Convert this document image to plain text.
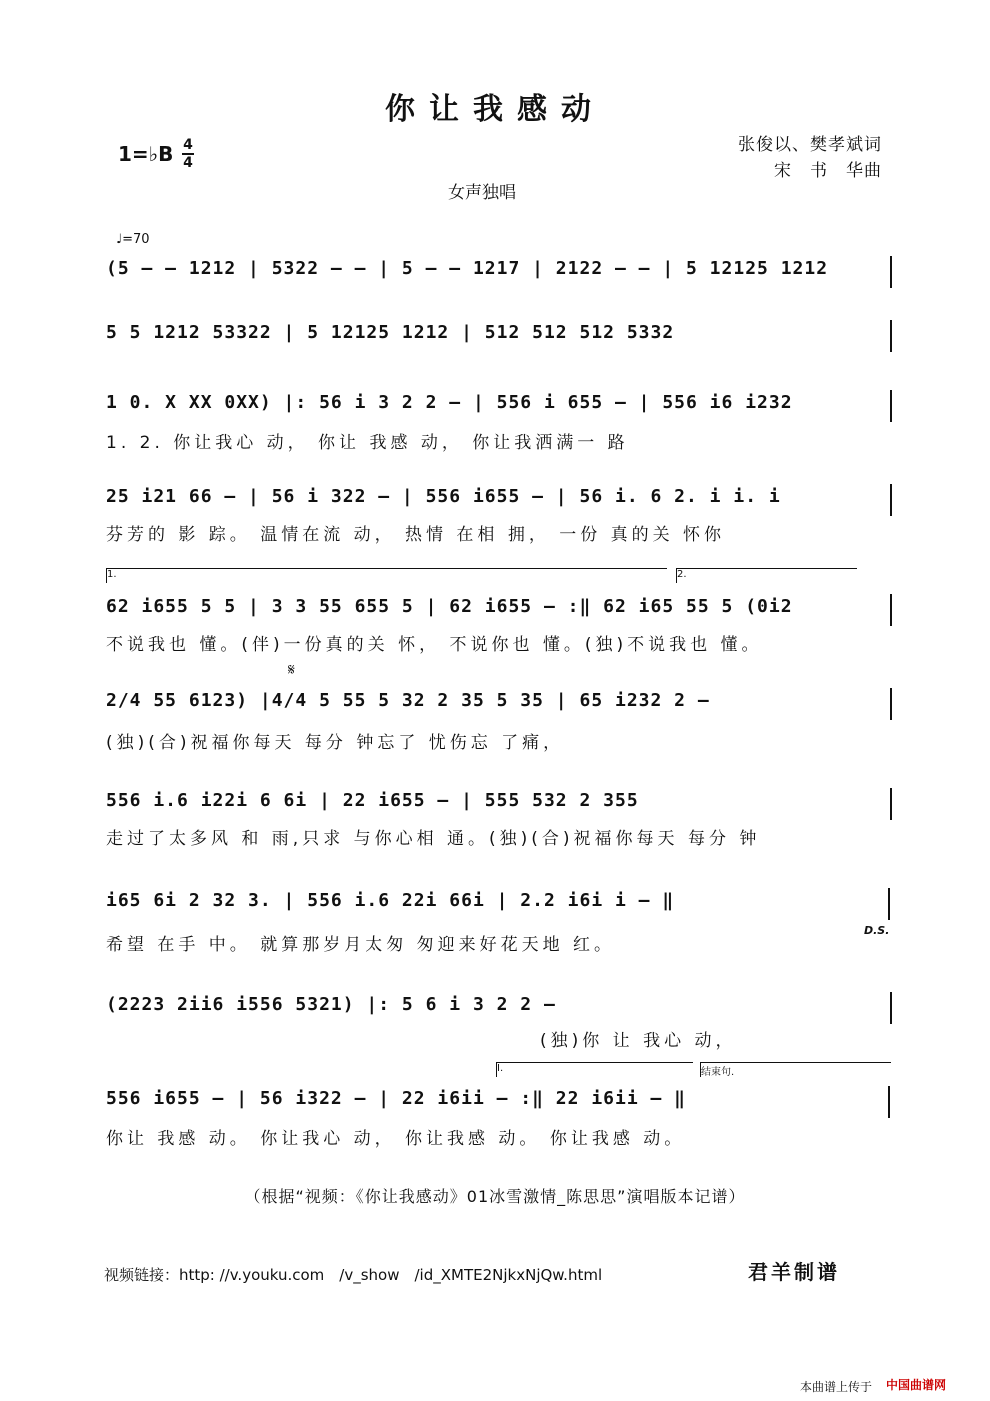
你让我感动
1=♭B 4
4
张俊以、樊孝斌词
宋　书　华曲
女声独唱
♩=70
(5 – – 1212 | 5322 – – | 5 – – 1217 | 2122 – – | 5 12125 1212
5 5 1212 53322 | 5 12125 1212 | 512 512 512 5332
1 0. X XX 0XX) |: 56 i 3 2 2 – | 556 i 655 – | 556 i6 i232
1. 2. 你让我心 动， 你让 我感 动， 你让我洒满一 路
25 i21 66 – | 56 i 322 – | 556 i655 – | 56 i. 6 2. i i. i
芬芳的 影 踪。 温情在流 动， 热情 在相 拥， 一份 真的关 怀你
1.	2.
62 i655 5 5 | 3 3 55 655 5 | 62 i655 – :‖ 62 i65 55 5 (0i2
不说我也 懂。(伴)一份真的关 怀， 不说你也 懂。(独)不说我也 懂。
𝄋
2/4 55 6123) |4/4 5 55 5 32 2 35 5 35 | 65 i232 2 –
(独)(合)祝福你每天 每分 钟忘了 忧伤忘 了痛，
556 i.6 i22i 6 6i | 22 i655 – | 555 532 2 355
走过了太多风 和 雨,只求 与你心相 通。(独)(合)祝福你每天 每分 钟
i65 6i 2 32 3. | 556 i.6 22i 66i | 2.2 i6i i – ‖
希望 在手 中。 就算那岁月太匆 匆迎来好花天地 红。
D.S.
(2223 2ii6 i556 5321) |: 5 6 i 3 2 2 –
(独)你 让 我心 动，
I.	结束句.
556 i655 – | 56 i322 – | 22 i6ii – :‖ 22 i6ii – ‖
你让 我感 动。 你让我心 动， 你让我感 动。 你让我感 动。
（根据“视频：《你让我感动》01冰雪激情_陈思思”演唱版本记谱）
视频链接：http: //v.youku.com　/v_show　/id_XMTE2NjkxNjQw.html	君羊制谱
本曲谱上传于 中国曲谱网
